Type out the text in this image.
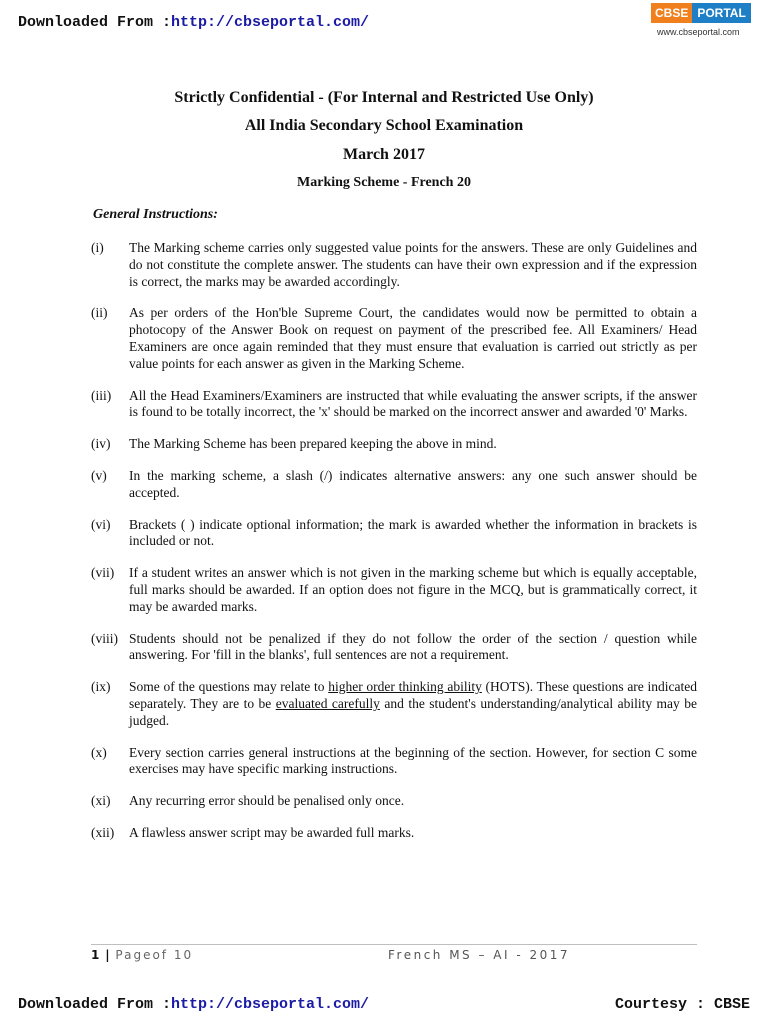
Downloaded From :http://cbseportal.com/
CBSE PORTAL
www.cbseportal.com
Strictly Confidential - (For Internal and Restricted Use Only)
All India Secondary School Examination
March 2017
Marking Scheme - French 20
General Instructions:
(i)	The Marking scheme carries only suggested value points for the answers. These are only Guidelines and do not constitute the complete answer. The students can have their own expression and if the expression is correct, the marks may be awarded accordingly.
(ii)	As per orders of the Hon'ble Supreme Court, the candidates would now be permitted to obtain a photocopy of the Answer Book on request on payment of the prescribed fee. All Examiners/ Head Examiners are once again reminded that they must ensure that evaluation is carried out strictly as per value points for each answer as given in the Marking Scheme.
(iii)	All the Head Examiners/Examiners are instructed that while evaluating the answer scripts, if the answer is found to be totally incorrect, the 'x' should be marked on the incorrect answer and awarded '0' Marks.
(iv)	The Marking Scheme has been prepared keeping the above in mind.
(v)	In the marking scheme, a slash (/) indicates alternative answers: any one such answer should be accepted.
(vi)	Brackets ( ) indicate optional information; the mark is awarded whether the information in brackets is included or not.
(vii)	If a student writes an answer which is not given in the marking scheme but which is equally acceptable, full marks should be awarded. If an option does not figure in the MCQ, but is grammatically correct, it may be awarded marks.
(viii) Students should not be penalized if they do not follow the order of the section / question while answering. For 'fill in the blanks', full sentences are not a requirement.
(ix)	Some of the questions may relate to higher order thinking ability (HOTS). These questions are indicated separately. They are to be evaluated carefully and the student's understanding/analytical ability may be judged.
(x)	Every section carries general instructions at the beginning of the section. However, for section C some exercises may have specific marking instructions.
(xi)	Any recurring error should be penalised only once.
(xii)	A flawless answer script may be awarded full marks.
1 | Pageof 10	French MS – AI - 2017
Downloaded From :http://cbseportal.com/	Courtesy : CBSE
